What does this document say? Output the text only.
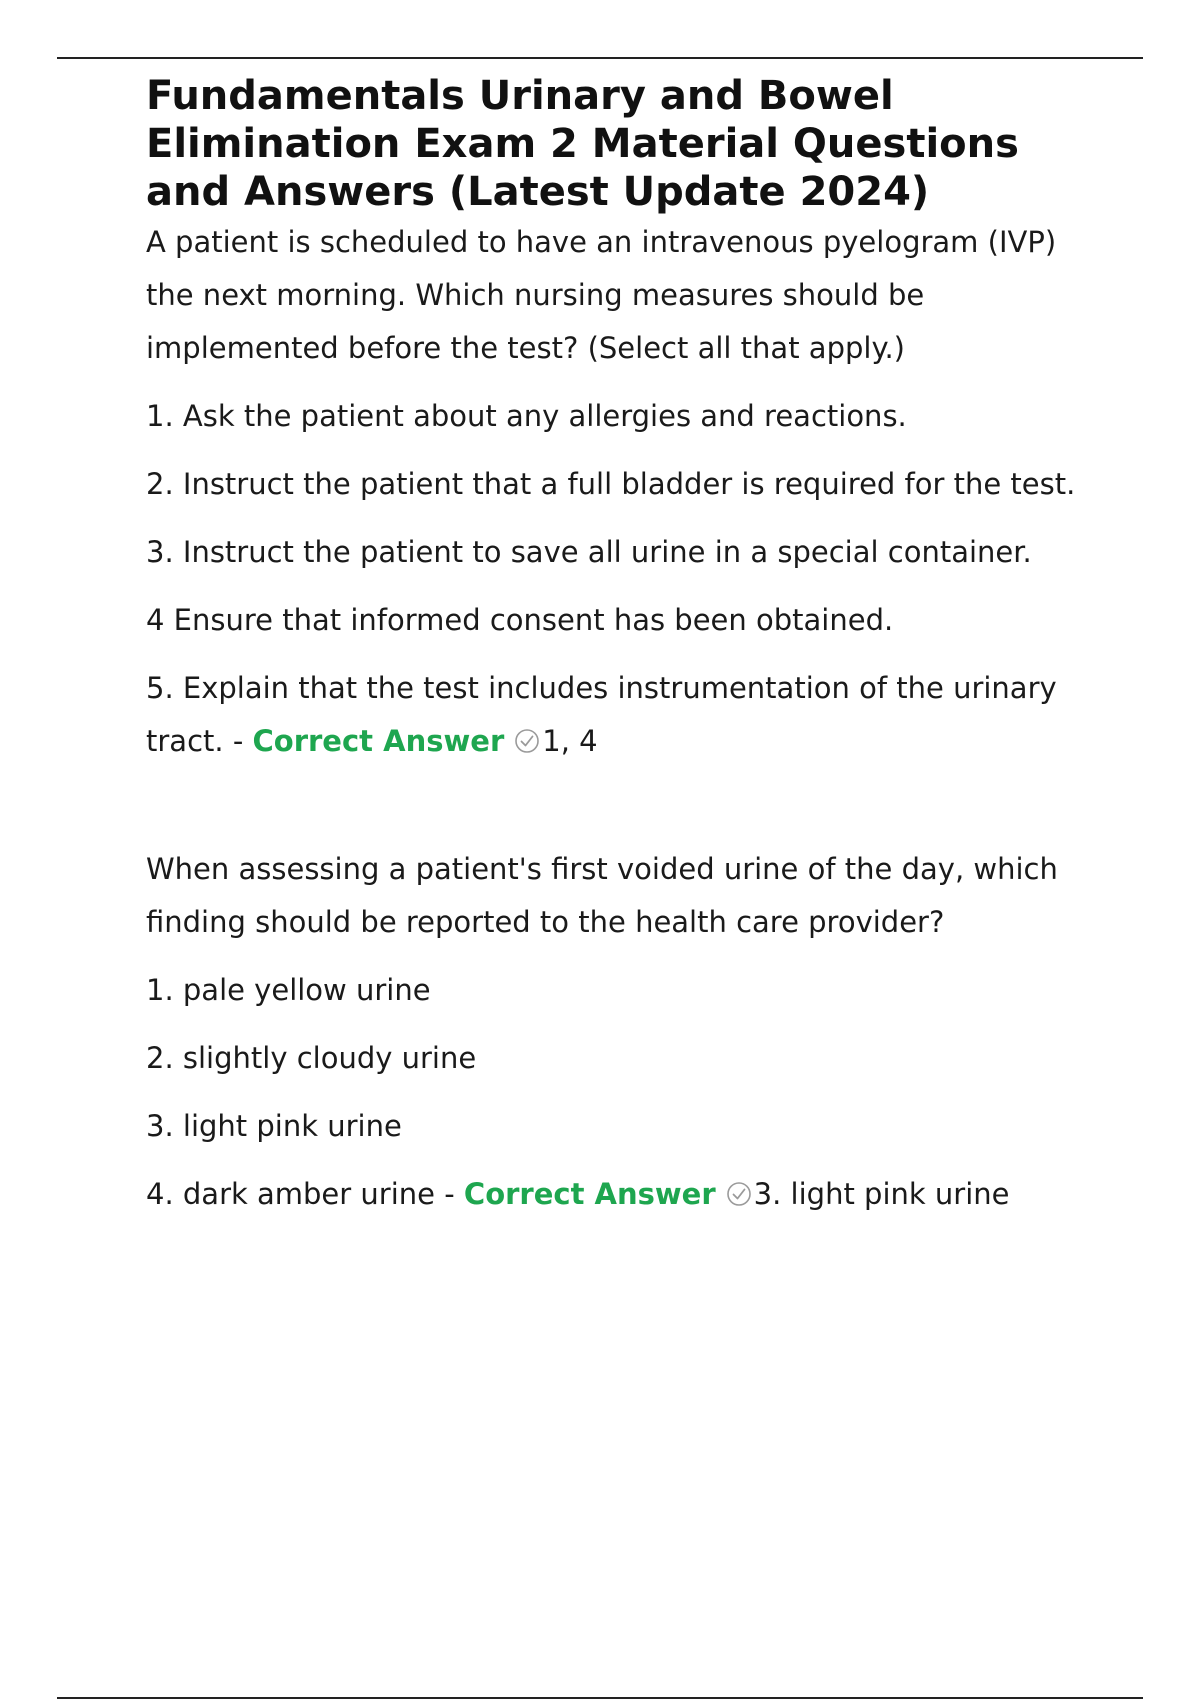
Fundamentals Urinary and Bowel Elimination Exam 2 Material Questions and Answers (Latest Update 2024)

A patient is scheduled to have an intravenous pyelogram (IVP) the next morning. Which nursing measures should be implemented before the test? (Select all that apply.)

1. Ask the patient about any allergies and reactions.

2. Instruct the patient that a full bladder is required for the test.

3. Instruct the patient to save all urine in a special container.

4 Ensure that informed consent has been obtained.

5. Explain that the test includes instrumentation of the urinary tract. - Correct Answer 1, 4

When assessing a patient's first voided urine of the day, which finding should be reported to the health care provider?

1. pale yellow urine

2. slightly cloudy urine

3. light pink urine

4. dark amber urine - Correct Answer 3. light pink urine
